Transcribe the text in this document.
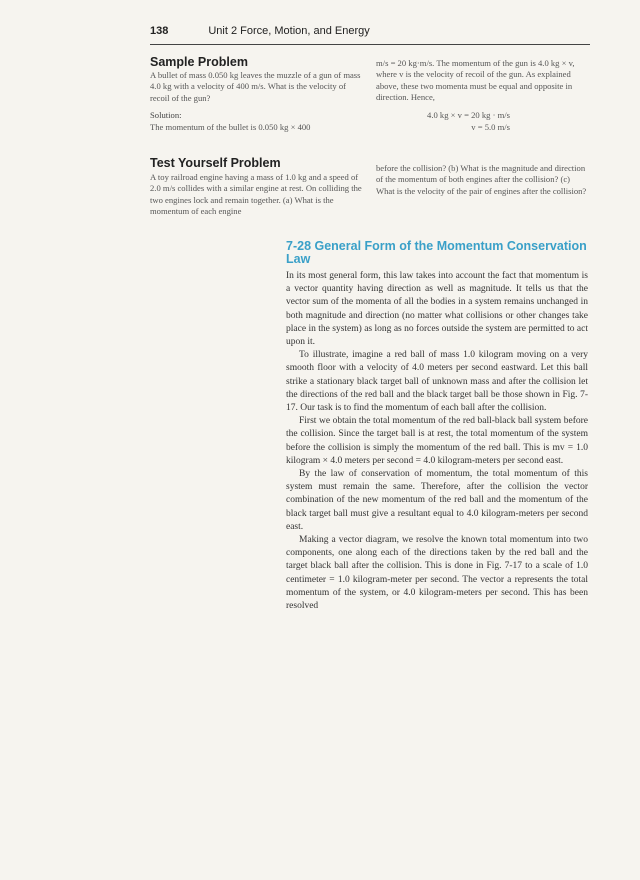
138	Unit 2 Force, Motion, and Energy
Sample Problem
A bullet of mass 0.050 kg leaves the muzzle of a gun of mass 4.0 kg with a velocity of 400 m/s. What is the velocity of recoil of the gun?
Solution:
The momentum of the bullet is 0.050 kg × 400
m/s = 20 kg·m/s. The momentum of the gun is 4.0 kg × v, where v is the velocity of recoil of the gun. As explained above, these two momenta must be equal and opposite in direction. Hence,
4.0 kg × v = 20 kg · m/s
v = 5.0 m/s
Test Yourself Problem
A toy railroad engine having a mass of 1.0 kg and a speed of 2.0 m/s collides with a similar engine at rest. On colliding the two engines lock and remain together. (a) What is the momentum of each engine
before the collision? (b) What is the magnitude and direction of the momentum of both engines after the collision? (c) What is the velocity of the pair of engines after the collision?
7-28 General Form of the Momentum Conservation Law

In its most general form, this law takes into account the fact that momentum is a vector quantity having direction as well as magnitude. It tells us that the vector sum of the momenta of all the bodies in a system remains unchanged in both magnitude and direction (no matter what collisions or other changes take place in the system) as long as no forces outside the system are permitted to act upon it.

To illustrate, imagine a red ball of mass 1.0 kilogram moving on a very smooth floor with a velocity of 4.0 meters per second eastward. Let this ball strike a stationary black target ball of unknown mass and after the collision let the directions of the red ball and the black target ball be those shown in Fig. 7-17. Our task is to find the momentum of each ball after the collision.

First we obtain the total momentum of the red ball-black ball system before the collision. Since the target ball is at rest, the total momentum of the system before the collision is simply the momentum of the red ball. This is mv = 1.0 kilogram × 4.0 meters per second = 4.0 kilogram-meters per second east.

By the law of conservation of momentum, the total momentum of this system must remain the same. Therefore, after the collision the vector combination of the new momentum of the red ball and the momentum of the black target ball must give a resultant equal to 4.0 kilogram-meters per second east.

Making a vector diagram, we resolve the known total momentum into two components, one along each of the directions taken by the red ball and the target black ball after the collision. This is done in Fig. 7-17 to a scale of 1.0 centimeter = 1.0 kilogram-meter per second. The vector a represents the total momentum of the system, or 4.0 kilogram-meters per second. This has been resolved
